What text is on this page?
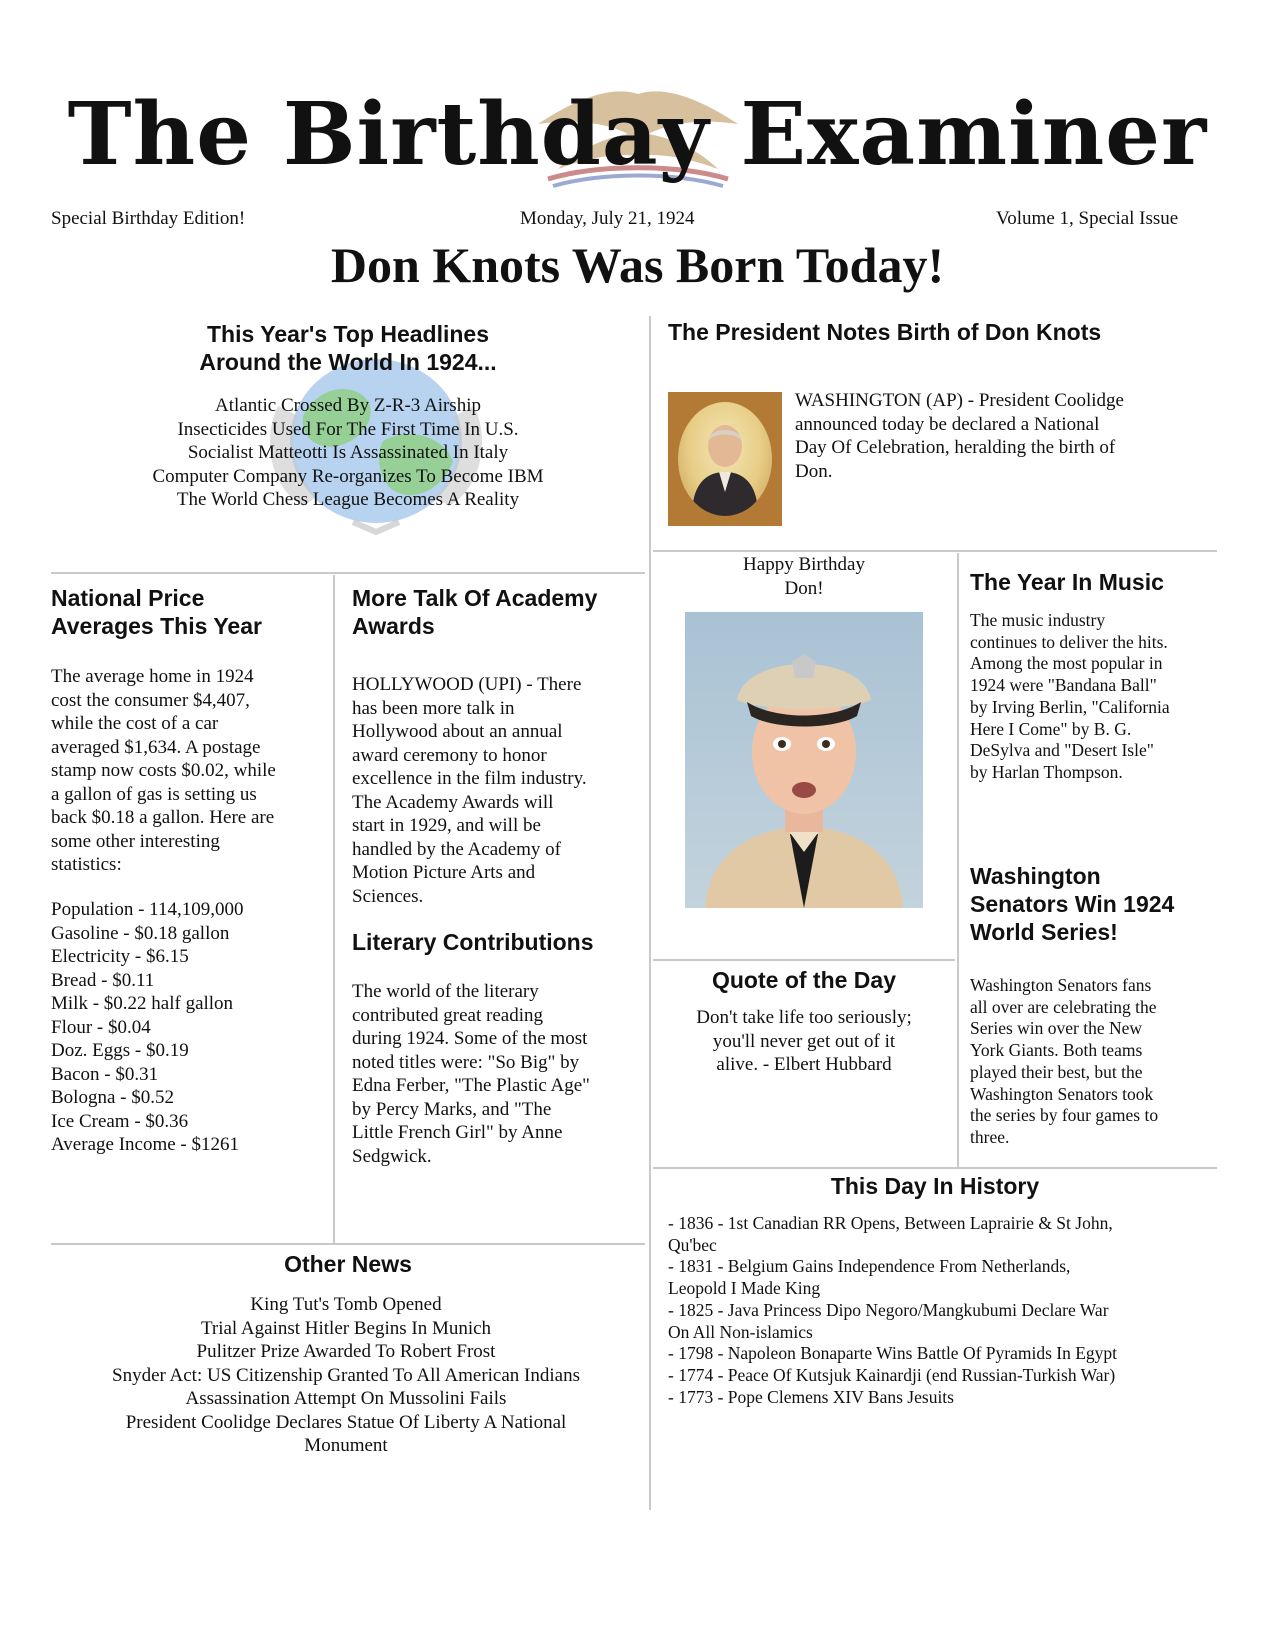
The Birthday Examiner
Special Birthday Edition!	Monday, July 21, 1924	Volume 1, Special Issue
Don Knots Was Born Today!
This Year's Top Headlines
Around the World In 1924...
Atlantic Crossed By Z-R-3 Airship
Insecticides Used For The First Time In U.S.
Socialist Matteotti Is Assassinated In Italy
Computer Company Re-organizes To Become IBM
The World Chess League Becomes A Reality
The President Notes Birth of Don Knots
WASHINGTON (AP) - President Coolidge
announced today be declared a National
Day Of Celebration, heralding the birth of
Don.
National Price
Averages This Year
The average home in 1924
cost the consumer $4,407,
while the cost of a car
averaged $1,634. A postage
stamp now costs $0.02, while
a gallon of gas is setting us
back $0.18 a gallon. Here are
some other interesting
statistics:
Population - 114,109,000
Gasoline - $0.18 gallon
Electricity - $6.15
Bread - $0.11
Milk - $0.22 half gallon
Flour - $0.04
Doz. Eggs - $0.19
Bacon - $0.31
Bologna - $0.52
Ice Cream - $0.36
Average Income - $1261
More Talk Of Academy
Awards
HOLLYWOOD (UPI) - There
has been more talk in
Hollywood about an annual
award ceremony to honor
excellence in the film industry.
The Academy Awards will
start in 1929, and will be
handled by the Academy of
Motion Picture Arts and
Sciences.
Literary Contributions
The world of the literary
contributed great reading
during 1924. Some of the most
noted titles were: "So Big" by
Edna Ferber, "The Plastic Age"
by Percy Marks, and "The
Little French Girl" by Anne
Sedgwick.
Happy Birthday
Don!	The Year In Music
The music industry
continues to deliver the hits.
Among the most popular in
1924 were "Bandana Ball"
by Irving Berlin, "California
Here I Come" by B. G.
DeSylva and "Desert Isle"
by Harlan Thompson.
Washington
Senators Win 1924
World Series!
Washington Senators fans
all over are celebrating the
Series win over the New
York Giants. Both teams
played their best, but the
Washington Senators took
the series by four games to
three.
Quote of the Day
Don't take life too seriously;
you'll never get out of it
alive. - Elbert Hubbard
This Day In History
- 1836 - 1st Canadian RR Opens, Between Laprairie & St John,
Qu'bec
- 1831 - Belgium Gains Independence From Netherlands,
Leopold I Made King
- 1825 - Java Princess Dipo Negoro/Mangkubumi Declare War
On All Non-islamics
- 1798 - Napoleon Bonaparte Wins Battle Of Pyramids In Egypt
- 1774 - Peace Of Kutsjuk Kainardji (end Russian-Turkish War)
- 1773 - Pope Clemens XIV Bans Jesuits
Other News
King Tut's Tomb Opened
Trial Against Hitler Begins In Munich
Pulitzer Prize Awarded To Robert Frost
Snyder Act: US Citizenship Granted To All American Indians
Assassination Attempt On Mussolini Fails
President Coolidge Declares Statue Of Liberty A National
Monument
